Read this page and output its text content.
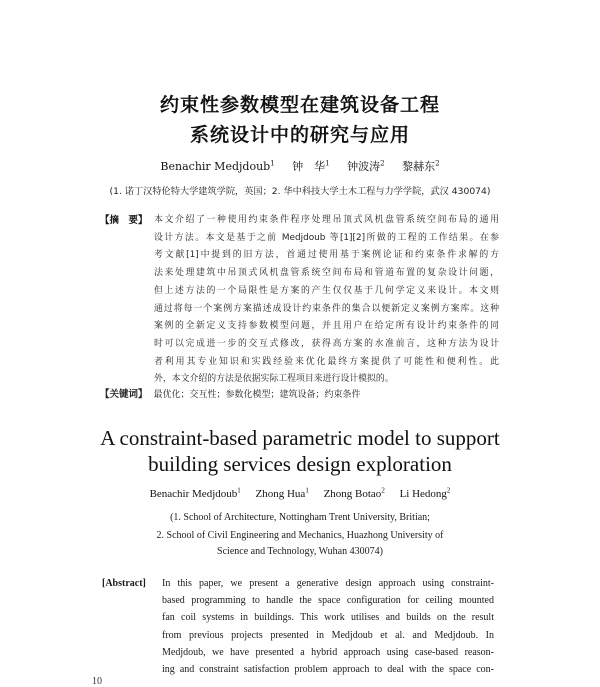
约束性参数模型在建筑设备工程
系统设计中的研究与应用
Benachir Medjdoub$^1$ 钟　华$^1$ 钟波涛$^2$ 黎赫东$^2$
(1. 诺丁汉特伦特大学建筑学院，英国；2. 华中科技大学土木工程与力学学院，武汉 430074)
【摘　要】 本文介绍了一种使用约束条件程序处理吊顶式风机盘管系统空间布局的通用
设计方法。本文是基于之前 Medjdoub 等[1][2]所做的工程的工作结果。在参
考文献[1]中提到的旧方法，首通过使用基于案例论证和约束条件求解的方
法来处理建筑中吊顶式风机盘管系统空间布局和管道布置的复杂设计问题，
但上述方法的一个局限性是方案的产生仅仅基于几何学定义来设计。本文则
通过将每一个案例方案描述成设计约束条件的集合以便新定义案例方案库。这种
案例的全新定义支持参数模型问题，并且用户在给定所有设计约束条件的同
时可以完成进一步的交互式修改，获得高方案的水准前言，这种方法为设计
者利用其专业知识和实践经验来优化最终方案提供了可能性和便利性。此
外，本文介绍的方法是依据实际工程项目来进行设计模拟的。
【关键词】 最优化；交互性；参数化模型；建筑设备；约束条件
A constraint-based parametric model to support
building services design exploration
Benachir Medjdoub$^1$ Zhong Hua$^1$ Zhong Botao$^2$ Li Hedong$^2$
(1. School of Architecture, Nottingham Trent University, Britian;
2. School of Civil Engineering and Mechanics, Huazhong University of
Science and Technology, Wuhan 430074)
[Abstract] In this paper, we present a generative design approach using constraint-
based programming to handle the space configuration for ceiling mounted
fan coil systems in buildings. This work utilises and builds on the result
from previous projects presented in Medjdoub et al. and Medjdoub. In
Medjdoub, we have presented a hybrid approach using case-based reason-
ing and constraint satisfaction problem approach to deal with the space con-
10
